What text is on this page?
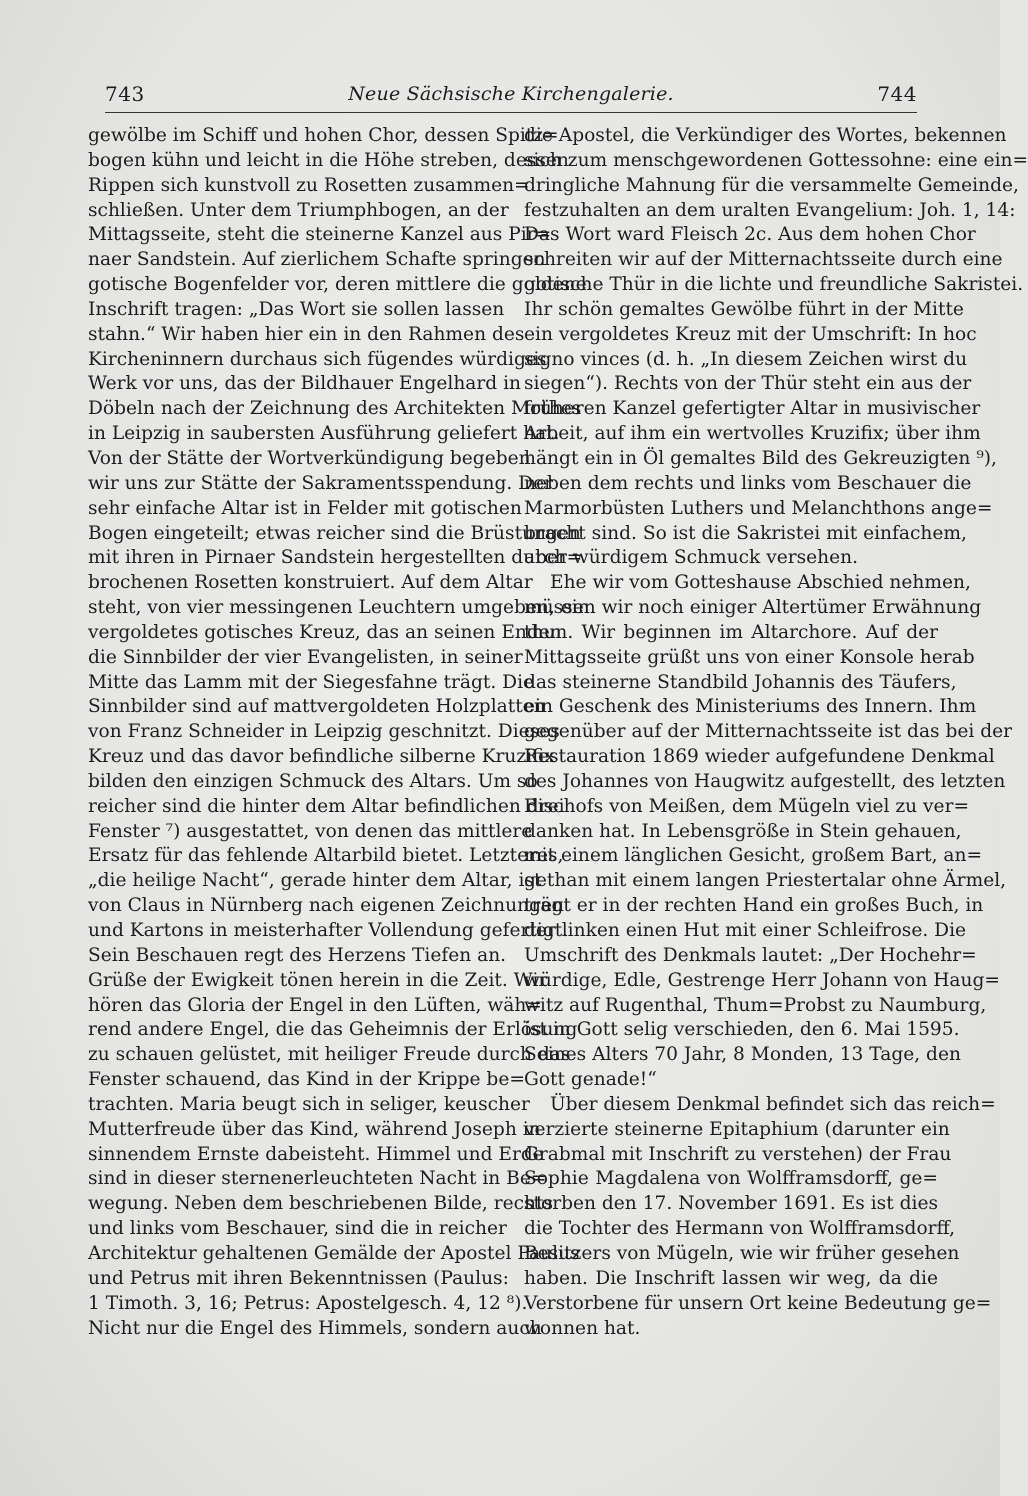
743	Neue Sächsische Kirchengalerie.	744
gewölbe im Schiff und hohen Chor, dessen Spitz=
bogen kühn und leicht in die Höhe streben, dessen
Rippen sich kunstvoll zu Rosetten zusammen=
schließen. Unter dem Triumphbogen, an der
Mittagsseite, steht die steinerne Kanzel aus Pir=
naer Sandstein. Auf zierlichem Schafte springen
gotische Bogenfelder vor, deren mittlere die goldene
Inschrift tragen: „Das Wort sie sollen lassen
stahn.“ Wir haben hier ein in den Rahmen des
Kircheninnern durchaus sich fügendes würdiges
Werk vor uns, das der Bildhauer Engelhard in
Döbeln nach der Zeichnung des Architekten Mothes
in Leipzig in saubersten Ausführung geliefert hat.
Von der Stätte der Wortverkündigung begeben
wir uns zur Stätte der Sakramentsspendung. Der
sehr einfache Altar ist in Felder mit gotischen
Bogen eingeteilt; etwas reicher sind die Brüstungen
mit ihren in Pirnaer Sandstein hergestellten durch=
brochenen Rosetten konstruiert. Auf dem Altar
steht, von vier messingenen Leuchtern umgeben, ein
vergoldetes gotisches Kreuz, das an seinen Enden
die Sinnbilder der vier Evangelisten, in seiner
Mitte das Lamm mit der Siegesfahne trägt. Die
Sinnbilder sind auf mattvergoldeten Holzplatten
von Franz Schneider in Leipzig geschnitzt. Dieses
Kreuz und das davor befindliche silberne Kruzifix
bilden den einzigen Schmuck des Altars. Um so
reicher sind die hinter dem Altar befindlichen drei
Fenster ⁷) ausgestattet, von denen das mittlere
Ersatz für das fehlende Altarbild bietet. Letzteres,
„die heilige Nacht“, gerade hinter dem Altar, ist
von Claus in Nürnberg nach eigenen Zeichnungen
und Kartons in meisterhafter Vollendung gefertigt.
Sein Beschauen regt des Herzens Tiefen an.
Grüße der Ewigkeit tönen herein in die Zeit. Wir
hören das Gloria der Engel in den Lüften, wäh=
rend andere Engel, die das Geheimnis der Erlösung
zu schauen gelüstet, mit heiliger Freude durch das
Fenster schauend, das Kind in der Krippe be=
trachten. Maria beugt sich in seliger, keuscher
Mutterfreude über das Kind, während Joseph in
sinnendem Ernste dabeisteht. Himmel und Erde
sind in dieser sternenerleuchteten Nacht in Be=
wegung. Neben dem beschriebenen Bilde, rechts
und links vom Beschauer, sind die in reicher
Architektur gehaltenen Gemälde der Apostel Paulus
und Petrus mit ihren Bekenntnissen (Paulus:
1 Timoth. 3, 16; Petrus: Apostelgesch. 4, 12 ⁸).
Nicht nur die Engel des Himmels, sondern auch
die Apostel, die Verkündiger des Wortes, bekennen
sich zum menschgewordenen Gottessohne: eine ein=
dringliche Mahnung für die versammelte Gemeinde,
festzuhalten an dem uralten Evangelium: Joh. 1, 14:
Das Wort ward Fleisch 2c. Aus dem hohen Chor
schreiten wir auf der Mitternachtsseite durch eine
gotische Thür in die lichte und freundliche Sakristei.
Ihr schön gemaltes Gewölbe führt in der Mitte
ein vergoldetes Kreuz mit der Umschrift: In hoc
signo vinces (d. h. „In diesem Zeichen wirst du
siegen“). Rechts von der Thür steht ein aus der
früheren Kanzel gefertigter Altar in musivischer
Arbeit, auf ihm ein wertvolles Kruzifix; über ihm
hängt ein in Öl gemaltes Bild des Gekreuzigten ⁹),
neben dem rechts und links vom Beschauer die
Marmorbüsten Luthers und Melanchthons ange=
bracht sind. So ist die Sakristei mit einfachem,
aber würdigem Schmuck versehen.
Ehe wir vom Gotteshause Abschied nehmen,
müssen wir noch einiger Altertümer Erwähnung
thun. Wir beginnen im Altarchore. Auf der
Mittagsseite grüßt uns von einer Konsole herab
das steinerne Standbild Johannis des Täufers,
ein Geschenk des Ministeriums des Innern. Ihm
gegenüber auf der Mitternachtsseite ist das bei der
Restauration 1869 wieder aufgefundene Denkmal
des Johannes von Haugwitz aufgestellt, des letzten
Bischofs von Meißen, dem Mügeln viel zu ver=
danken hat. In Lebensgröße in Stein gehauen,
mit einem länglichen Gesicht, großem Bart, an=
gethan mit einem langen Priestertalar ohne Ärmel,
trägt er in der rechten Hand ein großes Buch, in
der linken einen Hut mit einer Schleifrose. Die
Umschrift des Denkmals lautet: „Der Hochehr=
würdige, Edle, Gestrenge Herr Johann von Haug=
witz auf Rugenthal, Thum=Probst zu Naumburg,
ist in Gott selig verschieden, den 6. Mai 1595.
Seines Alters 70 Jahr, 8 Monden, 13 Tage, den
Gott genade!“
Über diesem Denkmal befindet sich das reich=
verzierte steinerne Epitaphium (darunter ein
Grabmal mit Inschrift zu verstehen) der Frau
Sophie Magdalena von Wolfframsdorff, ge=
storben den 17. November 1691. Es ist dies
die Tochter des Hermann von Wolfframsdorff,
Besitzers von Mügeln, wie wir früher gesehen
haben. Die Inschrift lassen wir weg, da die
Verstorbene für unsern Ort keine Bedeutung ge=
wonnen hat.
